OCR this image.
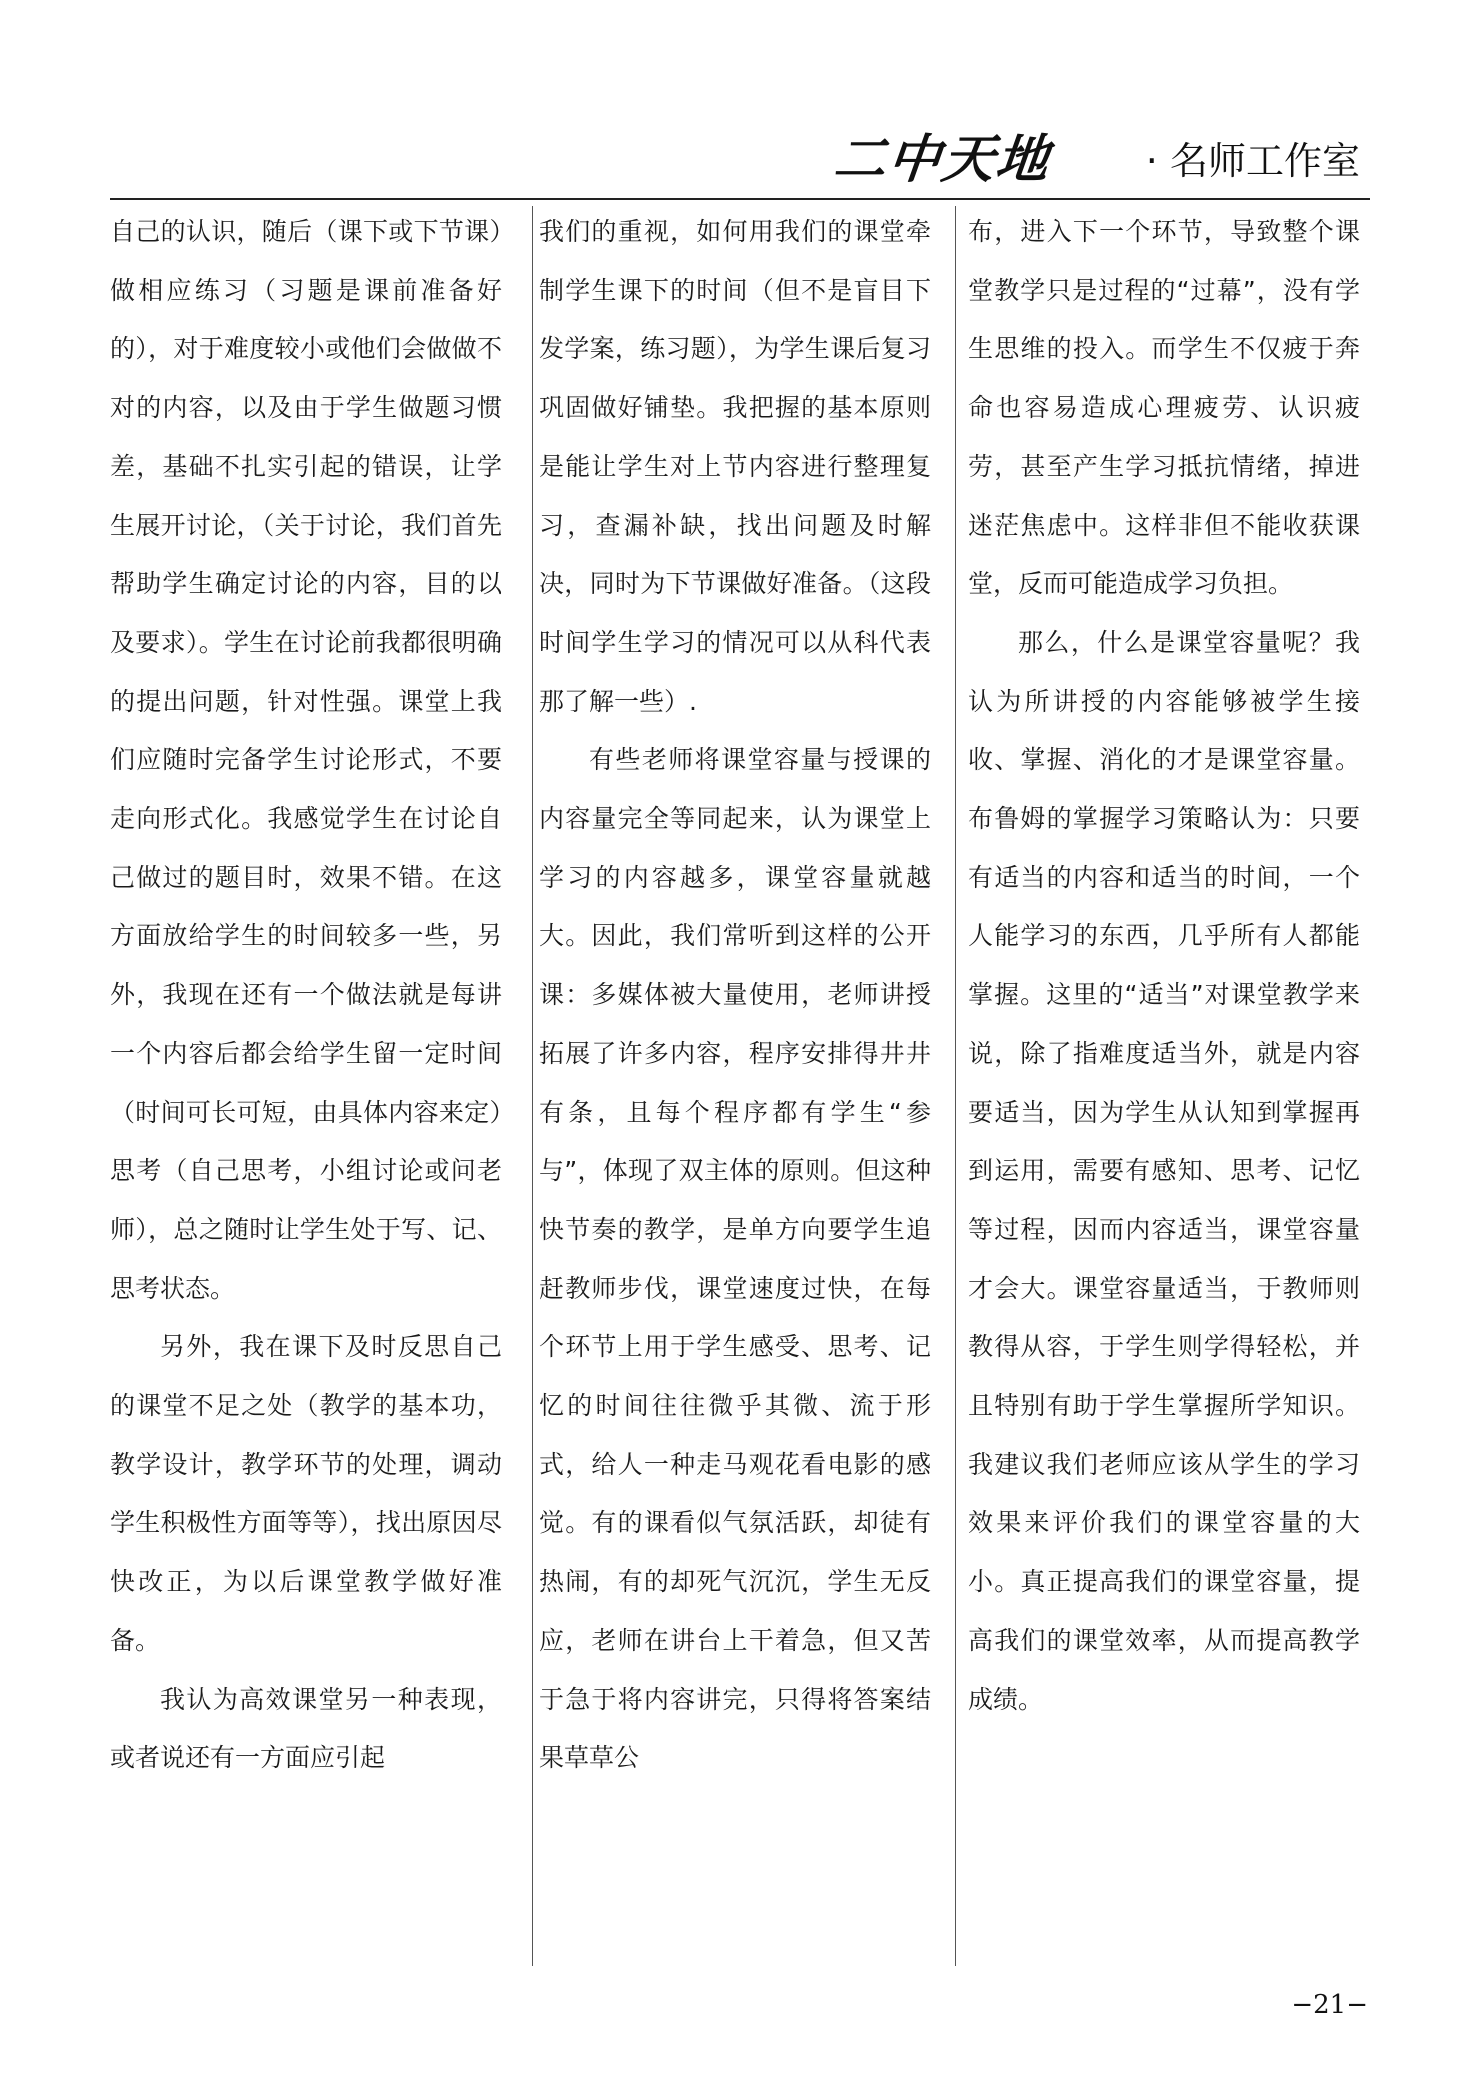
二中天地 · 名师工作室

自己的认识，随后（课下或下节课）做相应练习（习题是课前准备好的），对于难度较小或他们会做做不对的内容，以及由于学生做题习惯差，基础不扎实引起的错误，让学生展开讨论，（关于讨论，我们首先帮助学生确定讨论的内容，目的以及要求）。学生在讨论前我都很明确的提出问题，针对性强。课堂上我们应随时完备学生讨论形式，不要走向形式化。我感觉学生在讨论自己做过的题目时，效果不错。在这方面放给学生的时间较多一些，另外，我现在还有一个做法就是每讲一个内容后都会给学生留一定时间（时间可长可短，由具体内容来定）思考（自己思考，小组讨论或问老师），总之随时让学生处于写、记、思考状态。

另外，我在课下及时反思自己的课堂不足之处（教学的基本功，教学设计，教学环节的处理，调动学生积极性方面等等），找出原因尽快改正，为以后课堂教学做好准备。

我认为高效课堂另一种表现，或者说还有一方面应引起

我们的重视，如何用我们的课堂牵制学生课下的时间（但不是盲目下发学案，练习题），为学生课后复习巩固做好铺垫。我把握的基本原则是能让学生对上节内容进行整理复习，查漏补缺，找出问题及时解决，同时为下节课做好准备。（这段时间学生学习的情况可以从科代表那了解一些）.

有些老师将课堂容量与授课的内容量完全等同起来，认为课堂上学习的内容越多，课堂容量就越大。因此，我们常听到这样的公开课：多媒体被大量使用，老师讲授拓展了许多内容，程序安排得井井有条，且每个程序都有学生“参与”，体现了双主体的原则。但这种快节奏的教学，是单方向要学生追赶教师步伐，课堂速度过快，在每个环节上用于学生感受、思考、记忆的时间往往微乎其微、流于形式，给人一种走马观花看电影的感觉。有的课看似气氛活跃，却徒有热闹，有的却死气沉沉，学生无反应，老师在讲台上干着急，但又苦于急于将内容讲完，只得将答案结果草草公

布，进入下一个环节，导致整个课堂教学只是过程的“过幕”，没有学生思维的投入。而学生不仅疲于奔命也容易造成心理疲劳、认识疲劳，甚至产生学习抵抗情绪，掉进迷茫焦虑中。这样非但不能收获课堂，反而可能造成学习负担。

那么，什么是课堂容量呢？我认为所讲授的内容能够被学生接收、掌握、消化的才是课堂容量。布鲁姆的掌握学习策略认为：只要有适当的内容和适当的时间，一个人能学习的东西，几乎所有人都能掌握。这里的“适当”对课堂教学来说，除了指难度适当外，就是内容要适当，因为学生从认知到掌握再到运用，需要有感知、思考、记忆等过程，因而内容适当，课堂容量才会大。课堂容量适当，于教师则教得从容，于学生则学得轻松，并且特别有助于学生掌握所学知识。我建议我们老师应该从学生的学习效果来评价我们的课堂容量的大小。真正提高我们的课堂容量，提高我们的课堂效率，从而提高教学成绩。

−21−
